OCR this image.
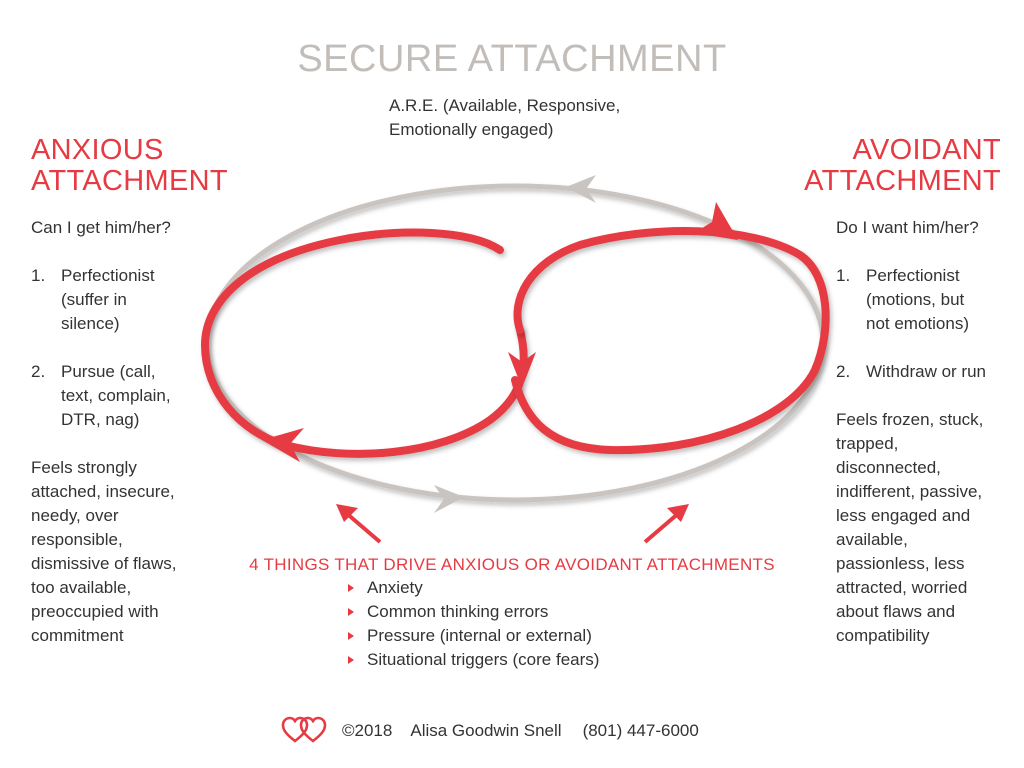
SECURE ATTACHMENT
A.R.E. (Available, Responsive,
Emotionally engaged)
ANXIOUS
ATTACHMENT
AVOIDANT
ATTACHMENT
Can I get him/her?
1. Perfectionist
(suffer in
silence)
2. Pursue (call,
text, complain,
DTR, nag)
Feels strongly
attached, insecure,
needy, over
responsible,
dismissive of flaws,
too available,
preoccupied with
commitment
Do I want him/her?
1. Perfectionist
(motions, but
not emotions)
2. Withdraw or run
Feels frozen, stuck,
trapped,
disconnected,
indifferent, passive,
less engaged and
available,
passionless, less
attracted, worried
about flaws and
compatibility
4 THINGS THAT DRIVE ANXIOUS OR AVOIDANT ATTACHMENTS
Anxiety
Common thinking errors
Pressure (internal or external)
Situational triggers (core fears)
©2018 Alisa Goodwin Snell (801) 447-6000
